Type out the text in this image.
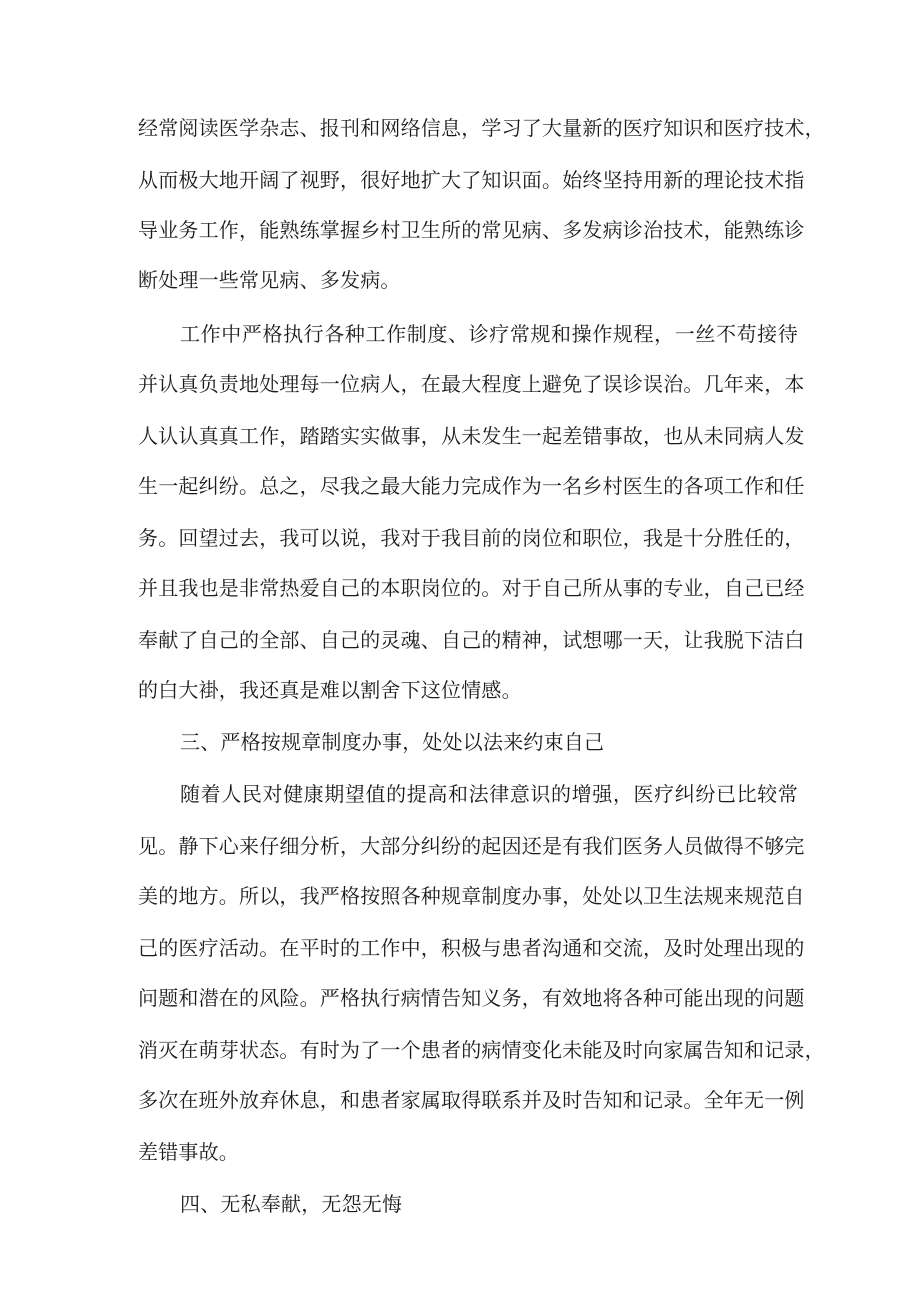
经常阅读医学杂志、报刊和网络信息，学习了大量新的医疗知识和医疗技术，
从而极大地开阔了视野，很好地扩大了知识面。始终坚持用新的理论技术指
导业务工作，能熟练掌握乡村卫生所的常见病、多发病诊治技术，能熟练诊
断处理一些常见病、多发病。
工作中严格执行各种工作制度、诊疗常规和操作规程，一丝不苟接待
并认真负责地处理每一位病人，在最大程度上避免了误诊误治。几年来，本
人认认真真工作，踏踏实实做事，从未发生一起差错事故，也从未同病人发
生一起纠纷。总之，尽我之最大能力完成作为一名乡村医生的各项工作和任
务。回望过去，我可以说，我对于我目前的岗位和职位，我是十分胜任的，
并且我也是非常热爱自己的本职岗位的。对于自己所从事的专业，自己已经
奉献了自己的全部、自己的灵魂、自己的精神，试想哪一天，让我脱下洁白
的白大褂，我还真是难以割舍下这位情感。
三、严格按规章制度办事，处处以法来约束自己
随着人民对健康期望值的提高和法律意识的增强，医疗纠纷已比较常
见。静下心来仔细分析，大部分纠纷的起因还是有我们医务人员做得不够完
美的地方。所以，我严格按照各种规章制度办事，处处以卫生法规来规范自
己的医疗活动。在平时的工作中，积极与患者沟通和交流，及时处理出现的
问题和潜在的风险。严格执行病情告知义务，有效地将各种可能出现的问题
消灭在萌芽状态。有时为了一个患者的病情变化未能及时向家属告知和记录，
多次在班外放弃休息，和患者家属取得联系并及时告知和记录。全年无一例
差错事故。
四、无私奉献，无怨无悔
